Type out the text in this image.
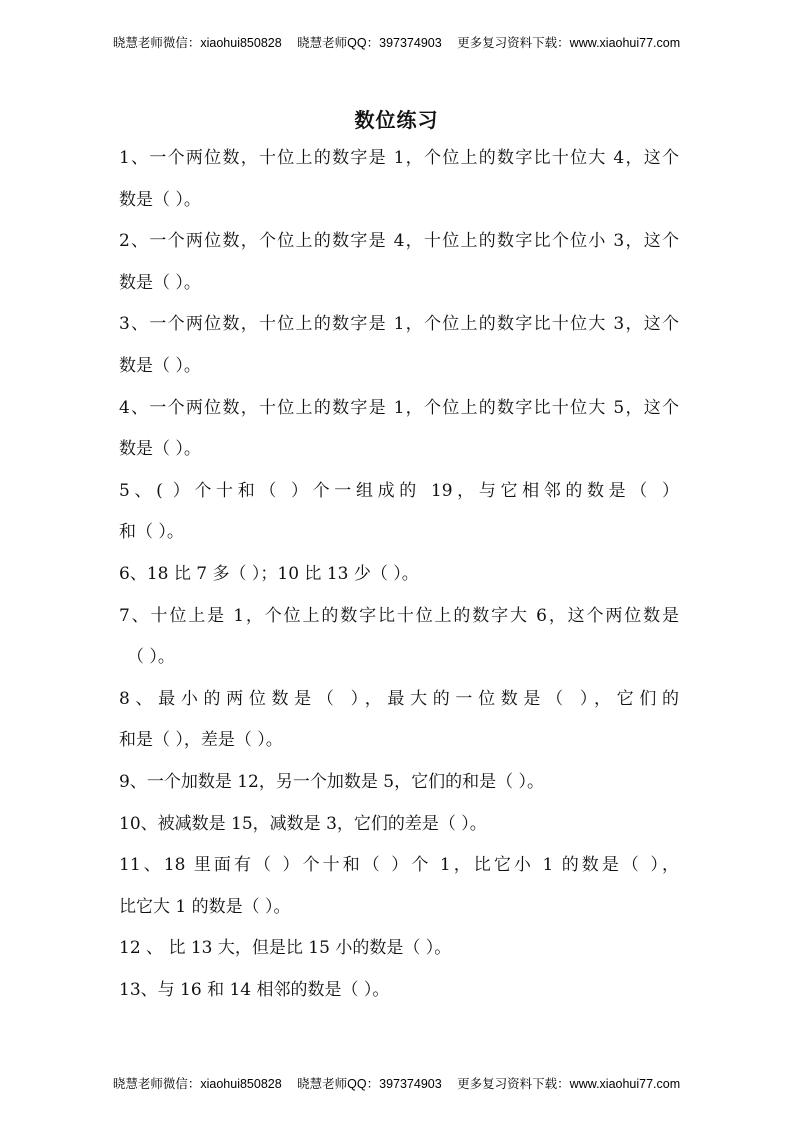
晓慧老师微信：xiaohui850828 晓慧老师QQ：397374903 更多复习资料下载：www.xiaohui77.com
数位练习
1、一个两位数，十位上的数字是 1，个位上的数字比十位大 4，这个
数是（ ）。
2、一个两位数，个位上的数字是 4，十位上的数字比个位小 3，这个
数是（ ）。
3、一个两位数，十位上的数字是 1，个位上的数字比十位大 3，这个
数是（ ）。
4、一个两位数，十位上的数字是 1，个位上的数字比十位大 5，这个
数是（ ）。
5、( ）个十和（ ）个一组成的 19，与它相邻的数是（ ）
和（ ）。
6、18 比 7 多（ ）；10 比 13 少（ ）。
7、十位上是 1，个位上的数字比十位上的数字大 6，这个两位数是
（ ）。
8、最小的两位数是（ ），最大的一位数是（ ），它们的
和是（ ），差是（ ）。
9、一个加数是 12，另一个加数是 5，它们的和是（ ）。
10、被减数是 15，减数是 3，它们的差是（ ）。
11、18 里面有（ ）个十和（ ）个 1，比它小 1 的数是（ ），
比它大 1 的数是（ ）。
12 、 比 13 大，但是比 15 小的数是（ ）。
13、与 16 和 14 相邻的数是（ ）。
晓慧老师微信：xiaohui850828 晓慧老师QQ：397374903 更多复习资料下载：www.xiaohui77.com
